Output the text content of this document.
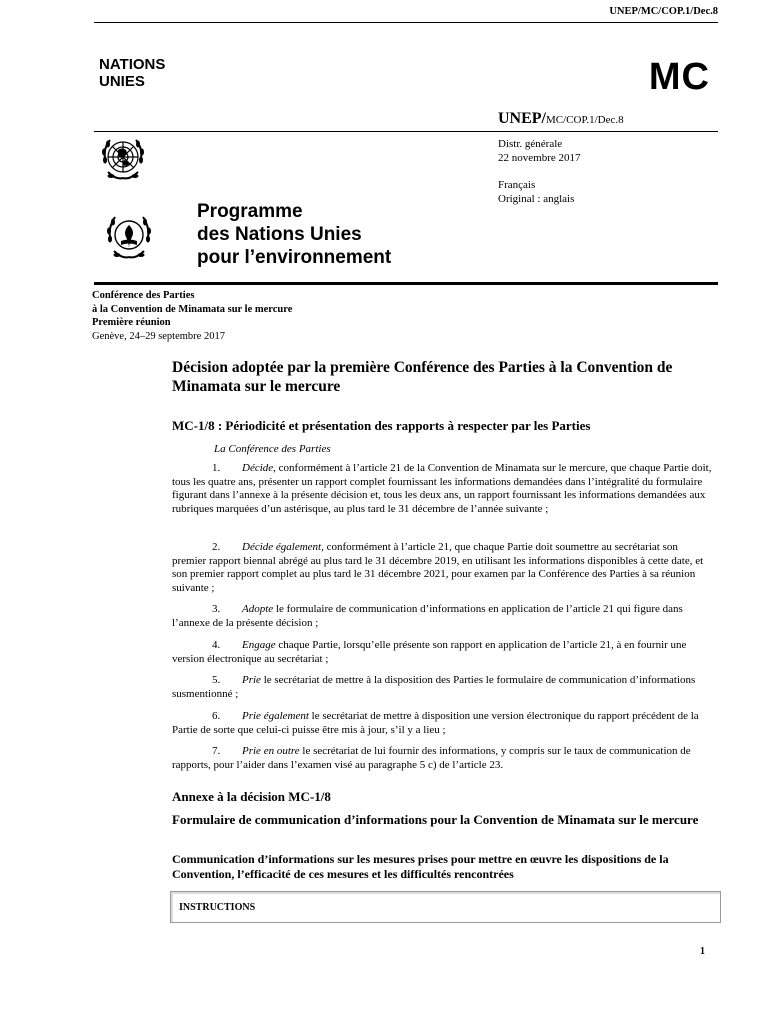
UNEP/MC/COP.1/Dec.8
NATIONS
UNIES	MC
UNEP/MC/COP.1/Dec.8
Distr. générale
22 novembre 2017
Français
Original : anglais
Programme
des Nations Unies
pour l’environnement
Conférence des Parties
à la Convention de Minamata sur le mercure
Première réunion
Genève, 24–29 septembre 2017
Décision adoptée par la première Conférence des Parties à la Convention de Minamata sur le mercure
MC-1/8 : Périodicité et présentation des rapports à respecter par les Parties
La Conférence des Parties
1. Décide, conformément à l’article 21 de la Convention de Minamata sur le mercure, que chaque Partie doit, tous les quatre ans, présenter un rapport complet fournissant les informations demandées dans l’intégralité du formulaire figurant dans l’annexe à la présente décision et, tous les deux ans, un rapport fournissant les informations demandées aux rubriques marquées d’un astérisque, au plus tard le 31 décembre de l’année suivante ;
2. Décide également, conformément à l’article 21, que chaque Partie doit soumettre au secrétariat son premier rapport biennal abrégé au plus tard le 31 décembre 2019, en utilisant les informations disponibles à cette date, et son premier rapport complet au plus tard le 31 décembre 2021, pour examen par la Conférence des Parties à sa réunion suivante ;
3. Adopte le formulaire de communication d’informations en application de l’article 21 qui figure dans l’annexe de la présente décision ;
4. Engage chaque Partie, lorsqu’elle présente son rapport en application de l’article 21, à en fournir une version électronique au secrétariat ;
5. Prie le secrétariat de mettre à la disposition des Parties le formulaire de communication d’informations susmentionné ;
6. Prie également le secrétariat de mettre à disposition une version électronique du rapport précédent de la Partie de sorte que celui-ci puisse être mis à jour, s’il y a lieu ;
7. Prie en outre le secrétariat de lui fournir des informations, y compris sur le taux de communication de rapports, pour l’aider dans l’examen visé au paragraphe 5 c) de l’article 23.
Annexe à la décision MC-1/8
Formulaire de communication d’informations pour la Convention de Minamata sur le mercure
Communication d’informations sur les mesures prises pour mettre en œuvre les dispositions de la Convention, l’efficacité de ces mesures et les difficultés rencontrées
INSTRUCTIONS
1
